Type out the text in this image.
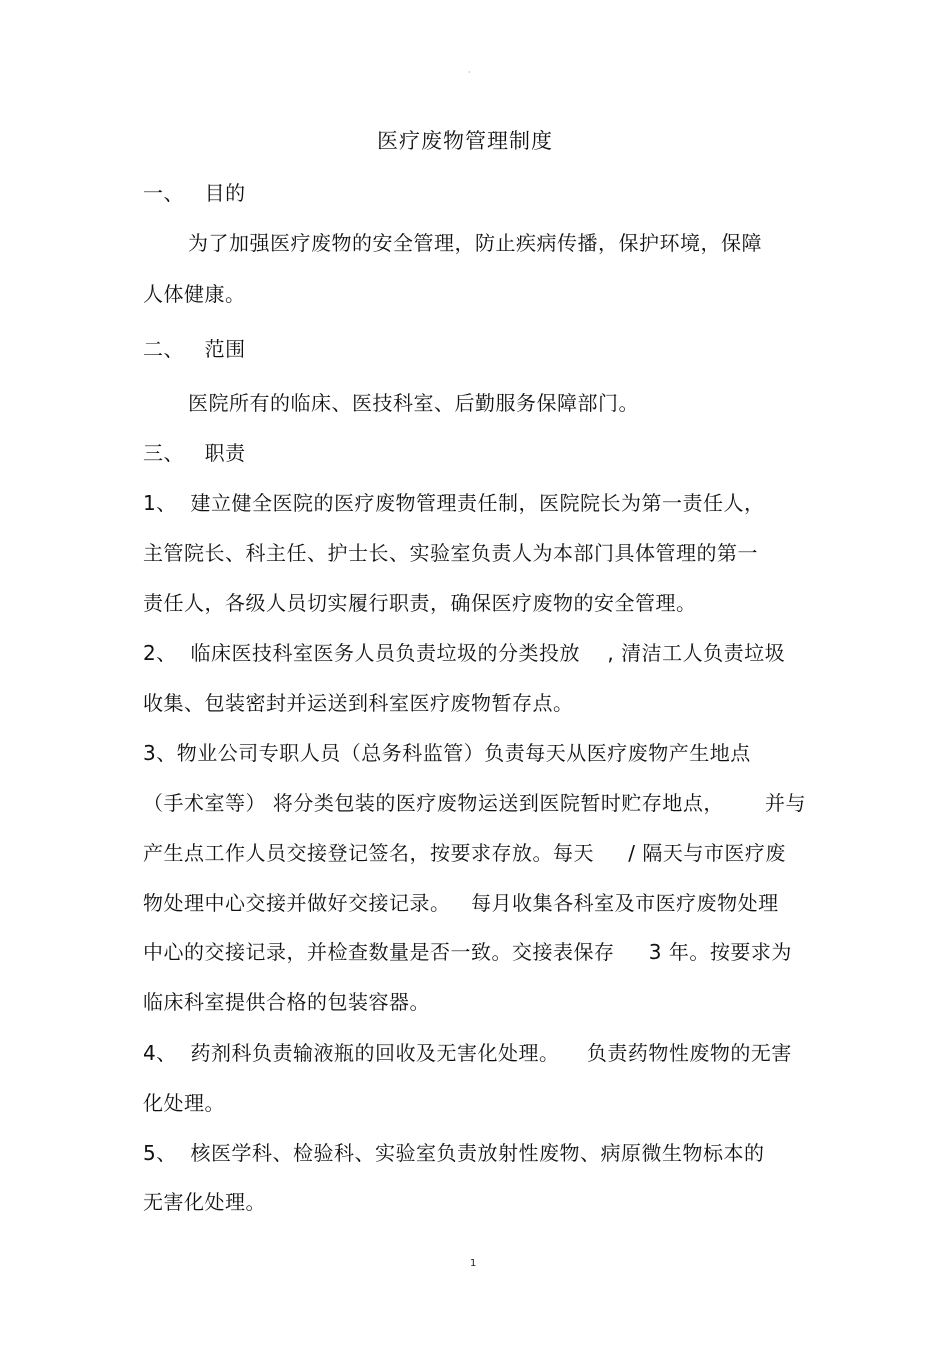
·
医疗废物管理制度
一、   目的
为了加强医疗废物的安全管理，防止疾病传播，保护环境，保障
人体健康。
二、   范围
医院所有的临床、医技科室、后勤服务保障部门。
三、   职责
1、  建立健全医院的医疗废物管理责任制，医院院长为第一责任人，
主管院长、科主任、护士长、实验室负责人为本部门具体管理的第一
责任人，各级人员切实履行职责，确保医疗废物的安全管理。
2、  临床医技科室医务人员负责垃圾的分类投放    , 清洁工人负责垃圾
收集、包装密封并运送到科室医疗废物暂存点。
3、物业公司专职人员（总务科监管）负责每天从医疗废物产生地点
（手术室等） 将分类包装的医疗废物运送到医院暂时贮存地点，      并与
产生点工作人员交接登记签名，按要求存放。每天     / 隔天与市医疗废
物处理中心交接并做好交接记录。   每月收集各科室及市医疗废物处理
中心的交接记录，并检查数量是否一致。交接表保存     3 年。按要求为
临床科室提供合格的包装容器。
4、  药剂科负责输液瓶的回收及无害化处理。    负责药物性废物的无害
化处理。
5、  核医学科、检验科、实验室负责放射性废物、病原微生物标本的
无害化处理。
1
